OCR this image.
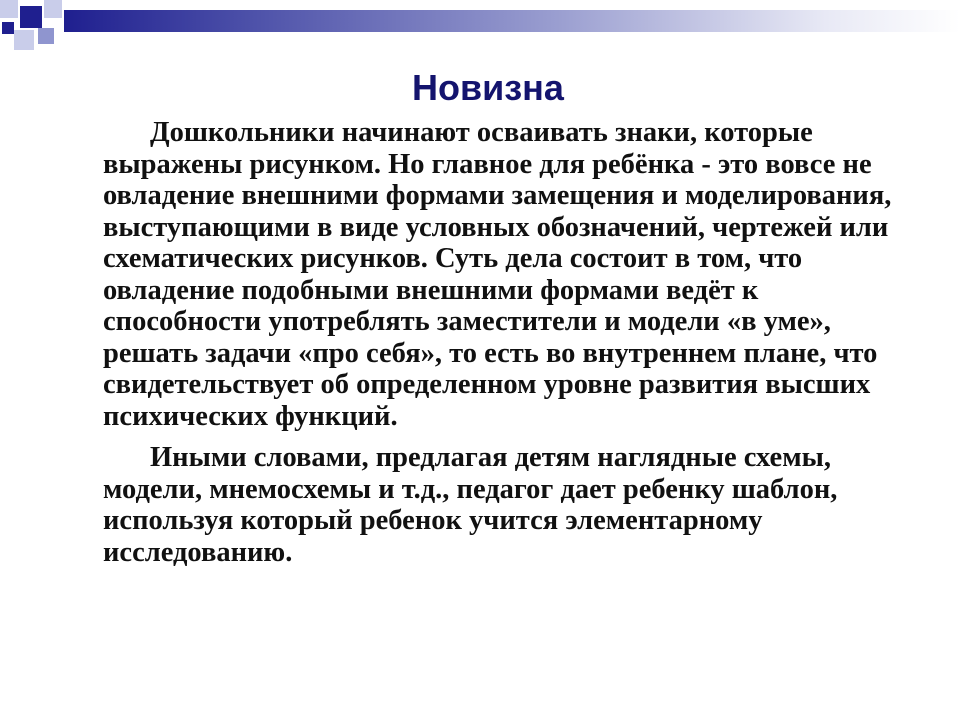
Новизна

Дошкольники начинают осваивать знаки, которые выражены рисунком. Но главное для ребёнка - это вовсе не овладение внешними формами замещения и моделирования, выступающими в виде условных обозначений, чертежей или схематических рисунков. Суть дела состоит в том, что овладение подобными внешними формами ведёт к способности употреблять заместители и модели «в уме», решать задачи «про себя», то есть во внутреннем плане, что свидетельствует об определенном уровне развития высших психических функций.

Иными словами, предлагая детям наглядные схемы, модели, мнемосхемы и т.д., педагог дает ребенку шаблон, используя который ребенок учится элементарному исследованию.
